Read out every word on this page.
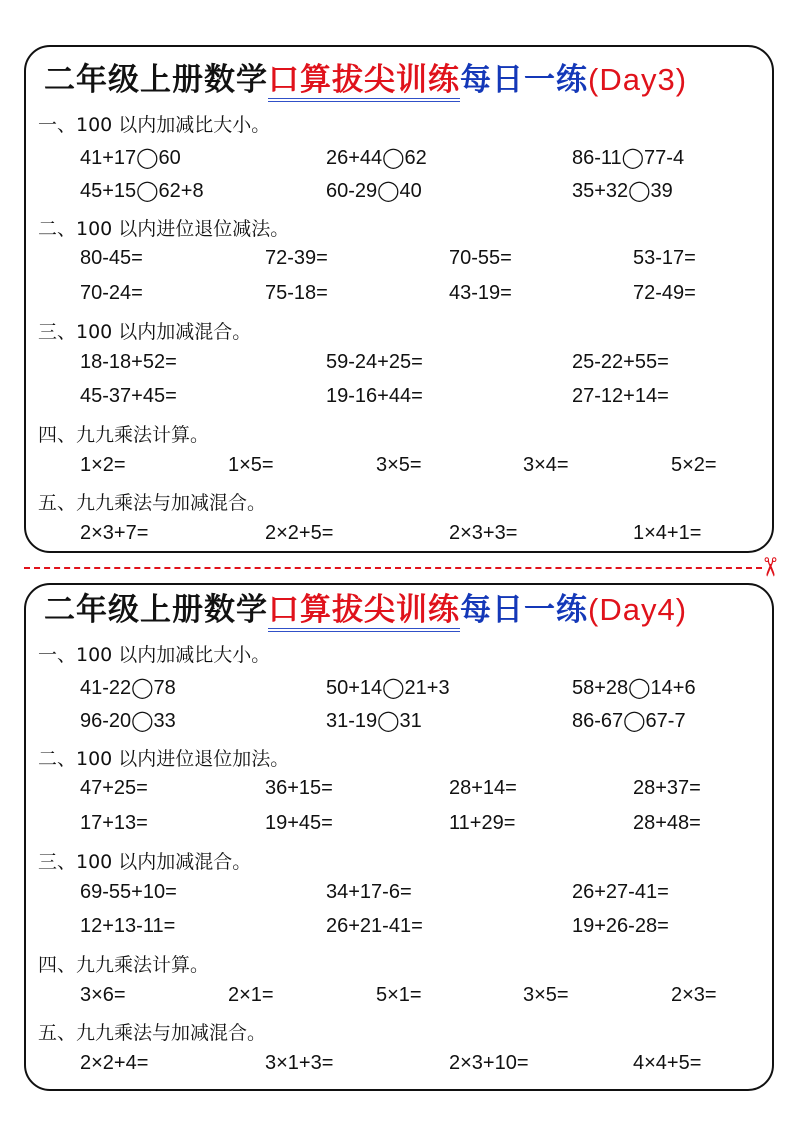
✂
二年级上册数学口算拔尖训练每日一练(Day3)
一、100 以内加减比大小。
41+17◯60	26+44◯62	86-11◯77-4
45+15◯62+8	60-29◯40	35+32◯39
二、100 以内进位退位减法。
80-45=	72-39=	70-55=	53-17=
70-24=	75-18=	43-19=	72-49=
三、100 以内加减混合。
18-18+52=	59-24+25=	25-22+55=
45-37+45=	19-16+44=	27-12+14=
四、九九乘法计算。
1×2=	1×5=	3×5=	3×4=	5×2=
五、九九乘法与加减混合。
2×3+7=	2×2+5=	2×3+3=	1×4+1=
二年级上册数学口算拔尖训练每日一练(Day4)
一、100 以内加减比大小。
41-22◯78	50+14◯21+3	58+28◯14+6
96-20◯33	31-19◯31	86-67◯67-7
二、100 以内进位退位加法。
47+25=	36+15=	28+14=	28+37=
17+13=	19+45=	11+29=	28+48=
三、100 以内加减混合。
69-55+10=	34+17-6=	26+27-41=
12+13-11=	26+21-41=	19+26-28=
四、九九乘法计算。
3×6=	2×1=	5×1=	3×5=	2×3=
五、九九乘法与加减混合。
2×2+4=	3×1+3=	2×3+10=	4×4+5=
